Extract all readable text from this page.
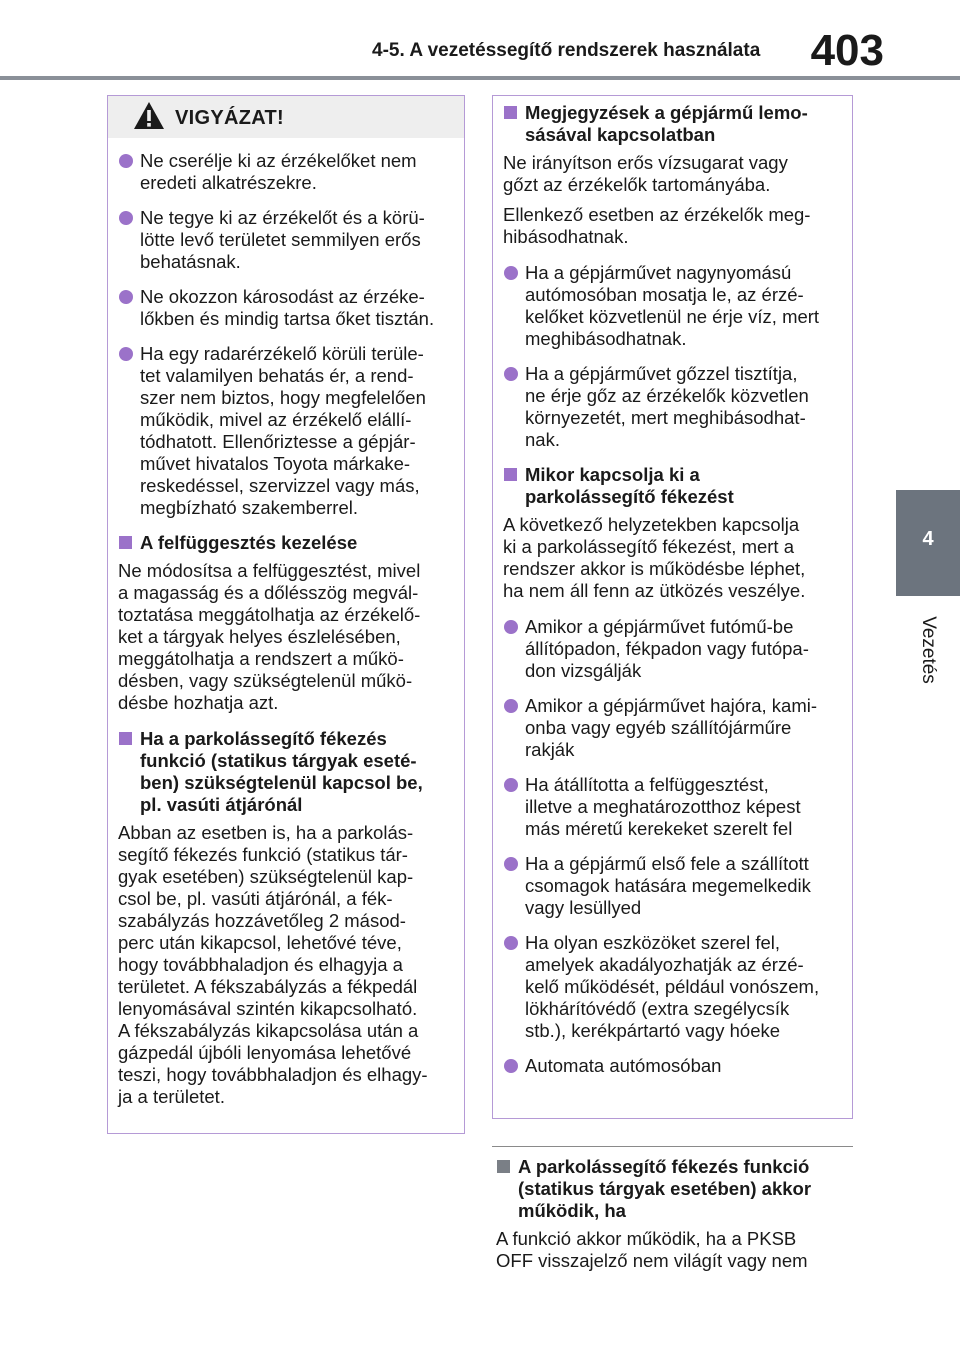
4-5. A vezetéssegítő rendszerek használata 403
4
Vezetés
VIGYÁZAT!
Ne cserélje ki az érzékelőket nem
eredeti alkatrészekre.
Ne tegye ki az érzékelőt és a körü-
lötte levő területet semmilyen erős
behatásnak.
Ne okozzon károsodást az érzéke-
lőkben és mindig tartsa őket tisztán.
Ha egy radarérzékelő körüli terüle-
tet valamilyen behatás ér, a rend-
szer nem biztos, hogy megfelelően
működik, mivel az érzékelő elállí-
tódhatott. Ellenőriztesse a gépjár-
művet hivatalos Toyota márkake-
reskedéssel, szervizzel vagy más,
megbízható szakemberrel.
A felfüggesztés kezelése
Ne módosítsa a felfüggesztést, mivel
a magasság és a dőlésszög megvál-
toztatása meggátolhatja az érzékelő-
ket a tárgyak helyes észlelésében,
meggátolhatja a rendszert a műkö-
désben, vagy szükségtelenül műkö-
désbe hozhatja azt.
Ha a parkolássegítő fékezés
funkció (statikus tárgyak eseté-
ben) szükségtelenül kapcsol be,
pl. vasúti átjárónál
Abban az esetben is, ha a parkolás-
segítő fékezés funkció (statikus tár-
gyak esetében) szükségtelenül kap-
csol be, pl. vasúti átjárónál, a fék-
szabályzás hozzávetőleg 2 másod-
perc után kikapcsol, lehetővé téve,
hogy továbbhaladjon és elhagyja a
területet. A fékszabályzás a fékpedál
lenyomásával szintén kikapcsolható.
A fékszabályzás kikapcsolása után a
gázpedál újbóli lenyomása lehetővé
teszi, hogy továbbhaladjon és elhagy-
ja a területet.
Megjegyzések a gépjármű lemo-
sásával kapcsolatban
Ne irányítson erős vízsugarat vagy
gőzt az érzékelők tartományába.
Ellenkező esetben az érzékelők meg-
hibásodhatnak.
Ha a gépjárművet nagynyomású
autómosóban mosatja le, az érzé-
kelőket közvetlenül ne érje víz, mert
meghibásodhatnak.
Ha a gépjárművet gőzzel tisztítja,
ne érje gőz az érzékelők közvetlen
környezetét, mert meghibásodhat-
nak.
Mikor kapcsolja ki a
parkolássegítő fékezést
A következő helyzetekben kapcsolja
ki a parkolássegítő fékezést, mert a
rendszer akkor is működésbe léphet,
ha nem áll fenn az ütközés veszélye.
Amikor a gépjárművet futómű-be
állítópadon, fékpadon vagy futópa-
don vizsgálják
Amikor a gépjárművet hajóra, kami-
onba vagy egyéb szállítójárműre
rakják
Ha átállította a felfüggesztést,
illetve a meghatározotthoz képest
más méretű kerekeket szerelt fel
Ha a gépjármű első fele a szállított
csomagok hatására megemelkedik
vagy lesüllyed
Ha olyan eszközöket szerel fel,
amelyek akadályozhatják az érzé-
kelő működését, például vonószem,
lökhárítóvédő (extra szegélycsík
stb.), kerékpártartó vagy hóeke
Automata autómosóban
A parkolássegítő fékezés funkció
(statikus tárgyak esetében) akkor
működik, ha
A funkció akkor működik, ha a PKSB
OFF visszajelző nem világít vagy nem
